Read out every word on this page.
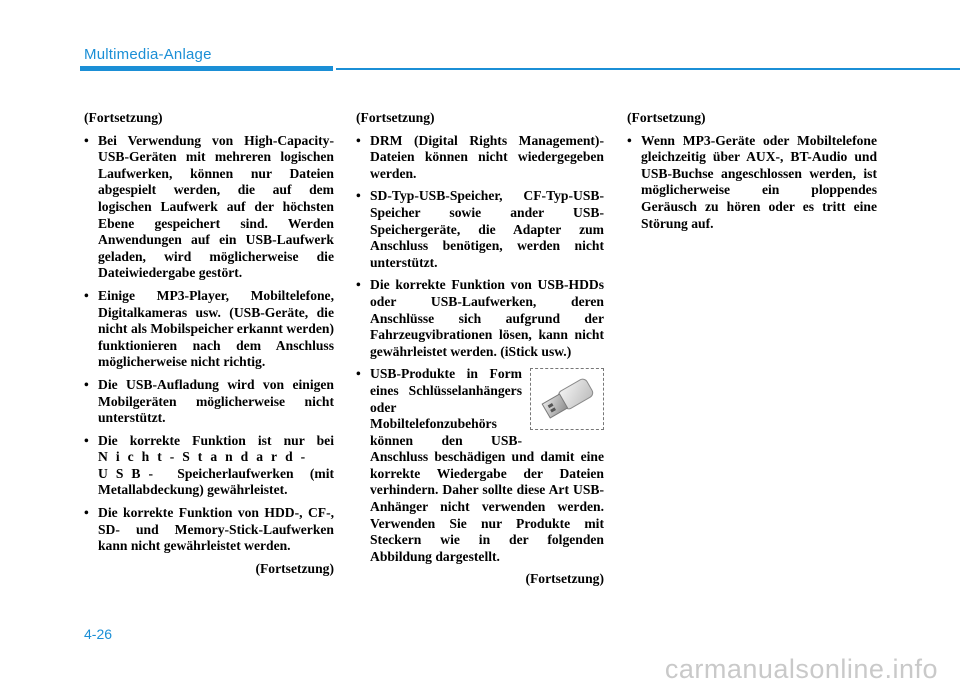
Multimedia-Anlage
(Fortsetzung)
• Bei Verwendung von High-Capacity-USB-Geräten mit mehreren logischen Laufwerken, können nur Dateien abgespielt werden, die auf dem logischen Laufwerk auf der höchsten Ebene gespeichert sind. Werden Anwendungen auf ein USB-Laufwerk geladen, wird möglicherweise die Dateiwiedergabe gestört.
• Einige MP3-Player, Mobiltelefone, Digitalkameras usw. (USB-Geräte, die nicht als Mobilspeicher erkannt werden) funktionieren nach dem Anschluss möglicherweise nicht richtig.
• Die USB-Aufladung wird von einigen Mobilgeräten möglicherweise nicht unterstützt.
• Die korrekte Funktion ist nur bei Nicht-Standard-USB- Speicherlaufwerken (mit Metallabdeckung) gewährleistet.
• Die korrekte Funktion von HDD-, CF-, SD- und Memory-Stick-Laufwerken kann nicht gewährleistet werden.
(Fortsetzung)
(Fortsetzung)
• DRM (Digital Rights Management)-Dateien können nicht wiedergegeben werden.
• SD-Typ-USB-Speicher, CF-Typ-USB-Speicher sowie ander USB-Speichergeräte, die Adapter zum Anschluss benötigen, werden nicht unterstützt.
• Die korrekte Funktion von USB-HDDs oder USB-Laufwerken, deren Anschlüsse sich aufgrund der Fahrzeugvibrationen lösen, kann nicht gewährleistet werden. (iStick usw.)
• USB-Produkte in Form eines Schlüsselanhängers oder Mobiltelefonzubehörs können den USB-Anschluss beschädigen und damit eine korrekte Wiedergabe der Dateien verhindern. Daher sollte diese Art USB-Anhänger nicht verwenden werden. Verwenden Sie nur Produkte mit Steckern wie in der folgenden Abbildung dargestellt.
(Fortsetzung)
(Fortsetzung)
• Wenn MP3-Geräte oder Mobiltelefone gleichzeitig über AUX-, BT-Audio und USB-Buchse angeschlossen werden, ist möglicherweise ein ploppendes Geräusch zu hören oder es tritt eine Störung auf.
4-26
carmanualsonline.info
